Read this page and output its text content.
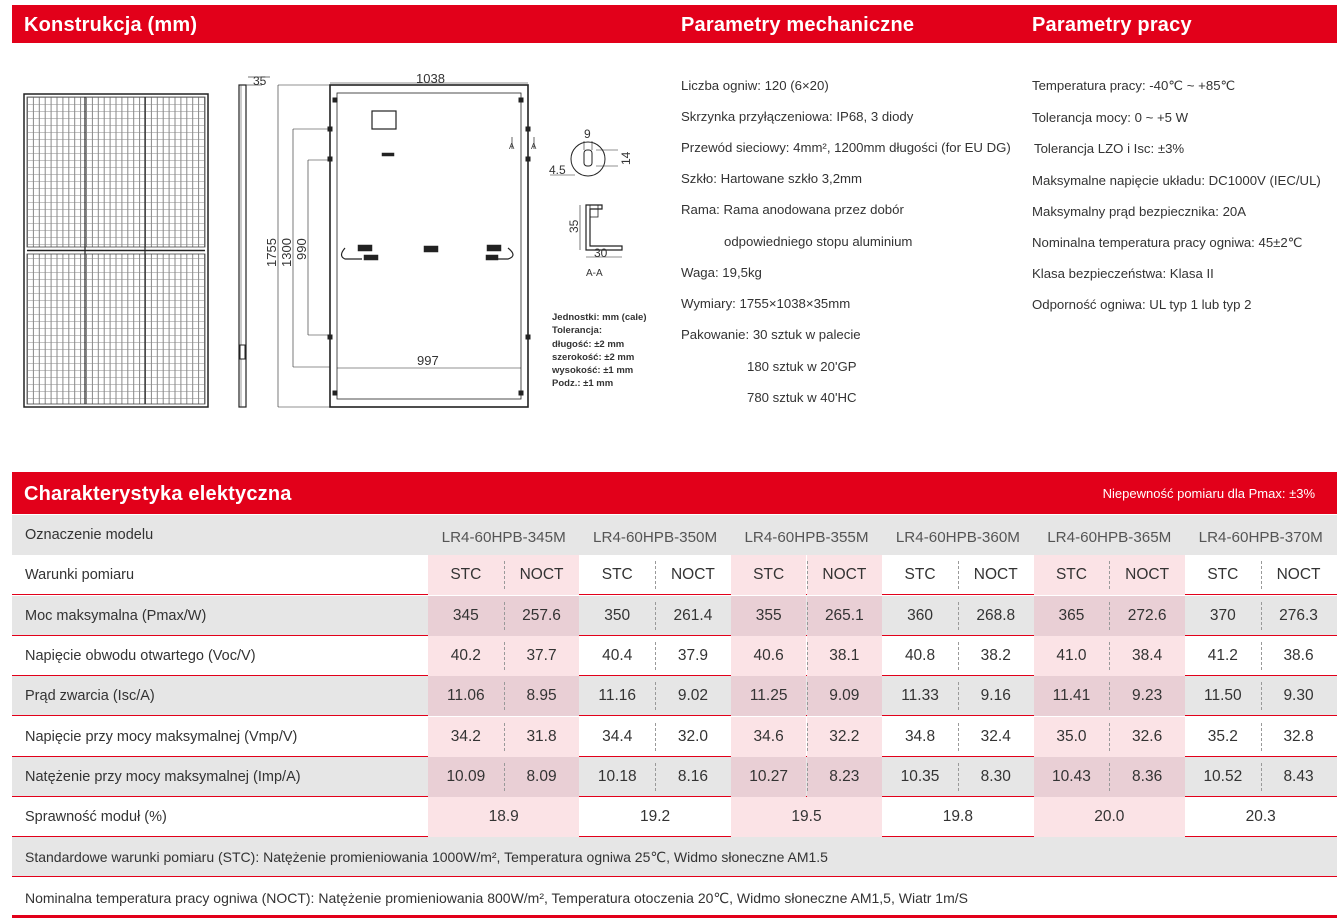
Konstrukcja (mm)	Parametry mechaniczne	Parametry pracy
35	1038
1755 1300 990
997
A A
9
14
4.5
35
30
A-A
Jednostki: mm (cale)
Tolerancja:
długość: ±2 mm
szerokość: ±2 mm
wysokość: ±1 mm
Podz.: ±1 mm
Liczba ogniw: 120 (6×20)
Skrzynka przyłączeniowa: IP68, 3 diody
Przewód sieciowy: 4mm², 1200mm długości (for EU DG)
Szkło: Hartowane szkło 3,2mm
Rama: Rama anodowana przez dobór
odpowiedniego stopu aluminium
Waga: 19,5kg
Wymiary: 1755×1038×35mm
Pakowanie: 30 sztuk w palecie
180 sztuk w 20'GP
780 sztuk w 40'HC
Temperatura pracy: -40℃ ~ +85℃
Tolerancja mocy: 0 ~ +5 W
Tolerancja LZO i Isc: ±3%
Maksymalne napięcie układu: DC1000V (IEC/UL)
Maksymalny prąd bezpiecznika: 20A
Nominalna temperatura pracy ogniwa: 45±2℃
Klasa bezpieczeństwa: Klasa II
Odporność ogniwa: UL typ 1 lub typ 2
Charakterystyka elektyczna	Niepewność pomiaru dla Pmax: ±3%
Oznaczenie modelu	LR4-60HPB-345M	LR4-60HPB-350M	LR4-60HPB-355M	LR4-60HPB-360M	LR4-60HPB-365M	LR4-60HPB-370M
Warunki pomiaru	STC	NOCT	STC	NOCT	STC	NOCT	STC	NOCT	STC	NOCT	STC	NOCT
Moc maksymalna (Pmax/W)	345	257.6	350	261.4	355	265.1	360	268.8	365	272.6	370	276.3
Napięcie obwodu otwartego (Voc/V)	40.2	37.7	40.4	37.9	40.6	38.1	40.8	38.2	41.0	38.4	41.2	38.6
Prąd zwarcia (Isc/A)	11.06	8.95	11.16	9.02	11.25	9.09	11.33	9.16	11.41	9.23	11.50	9.30
Napięcie przy mocy maksymalnej (Vmp/V)	34.2	31.8	34.4	32.0	34.6	32.2	34.8	32.4	35.0	32.6	35.2	32.8
Natężenie przy mocy maksymalnej (Imp/A)	10.09	8.09	10.18	8.16	10.27	8.23	10.35	8.30	10.43	8.36	10.52	8.43
Sprawność moduł (%)	18.9	19.2	19.5	19.8	20.0	20.3
Standardowe warunki pomiaru (STC): Natężenie promieniowania 1000W/m², Temperatura ogniwa 25℃, Widmo słoneczne AM1.5
Nominalna temperatura pracy ogniwa (NOCT): Natężenie promieniowania 800W/m², Temperatura otoczenia 20℃, Widmo słoneczne AM1,5, Wiatr 1m/S
